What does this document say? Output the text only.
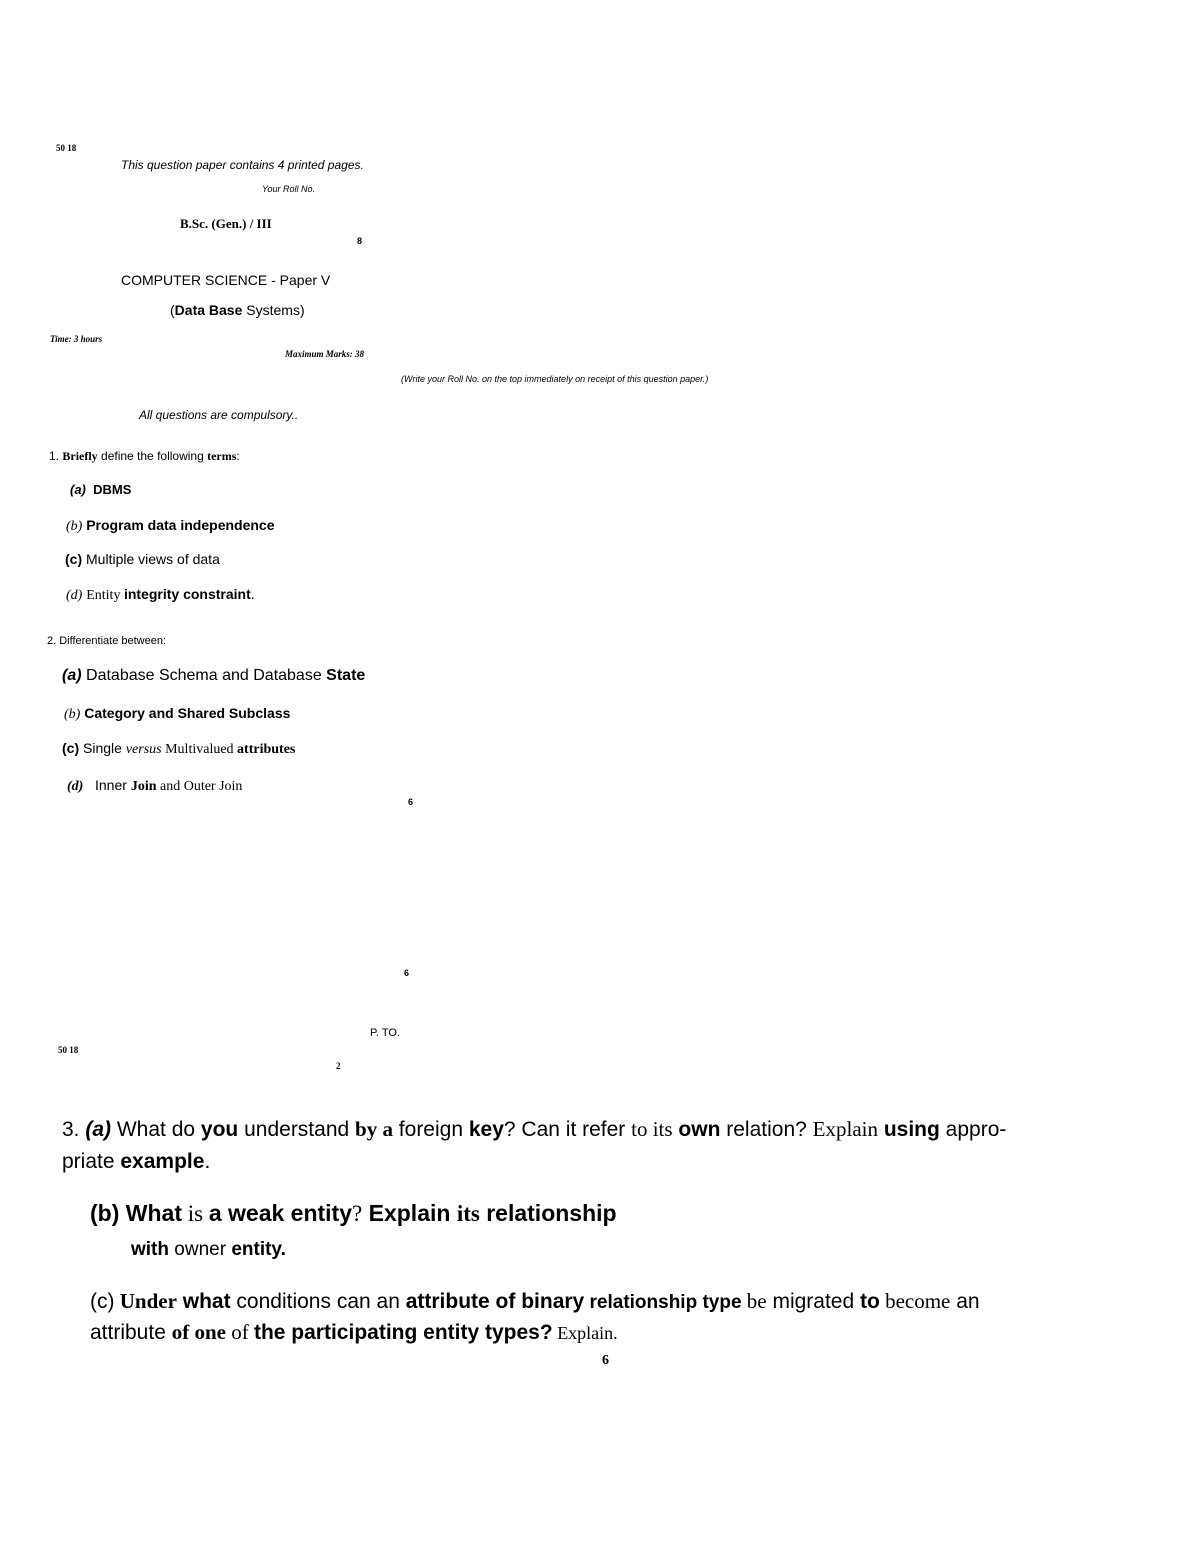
50 18
This question paper contains 4 printed pages.
Your Roll No.
B.Sc. (Gen.) / III
8
COMPUTER SCIENCE - Paper V
(Data Base Systems)
Time: 3 hours
Maximum Marks: 38
(Write your Roll No. on the top immediately on receipt of this question paper.)
All questions are compulsory..
1. Briefly define the following terms:
(a) DBMS
(b) Program data independence
(c) Multiple views of data
(d) Entity integrity constraint.
2. Differentiate between:
(a) Database Schema and Database State
(b) Category and Shared Subclass
(c) Single versus Multivalued attributes
(d) Inner Join and Outer Join
6
6
P. TO.
50 18
2
3. (a) What do you understand by a foreign key? Can it refer to its own relation? Explain using appro-
priate example.
(b) What is a weak entity? Explain its relationship
with owner entity.
(c) Under what conditions can an attribute of binary relationship type be migrated to become an
attribute of one of the participating entity types? Explain.
6
